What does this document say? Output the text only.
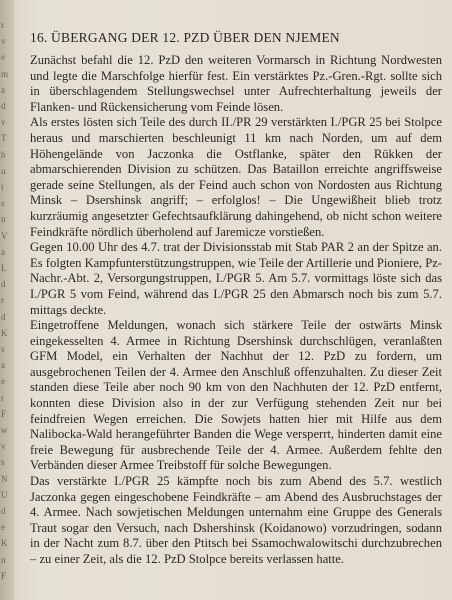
r
v
e
m
a
d
v
T
b
u
i
s
n
V
a
L
d
r
d
K
s
a
e
r
F
w
v
s
N
U
d
e
K
n
F
16. ÜBERGANG DER 12. PZD ÜBER DEN NJEMEN

Zunächst befahl die 12. PzD den weiteren Vormarsch in Richtung Nordwesten und legte die Marschfolge hierfür fest. Ein verstärktes Pz.-Gren.-Rgt. sollte sich in überschlagendem Stellungswechsel unter Aufrechterhaltung jeweils der Flanken- und Rückensicherung vom Feinde lösen.

Als erstes lösten sich Teile des durch II./PR 29 verstärkten I./PGR 25 bei Stolpce heraus und marschierten beschleunigt 11 km nach Norden, um auf dem Höhengelände von Jaczonka die Ostflanke, später den Rükken der abmarschierenden Division zu schützen. Das Bataillon erreichte angriffsweise gerade seine Stellungen, als der Feind auch schon von Nordosten aus Richtung Minsk – Dsershinsk angriff; – erfolglos! – Die Ungewißheit blieb trotz kurzräumig angesetzter Gefechtsaufklärung dahingehend, ob nicht schon weitere Feindkräfte nördlich überholend auf Jaremicze vorstießen.

Gegen 10.00 Uhr des 4.7. trat der Divisionsstab mit Stab PAR 2 an der Spitze an. Es folgten Kampfunterstützungstruppen, wie Teile der Artillerie und Pioniere, Pz-Nachr.-Abt. 2, Versorgungstruppen, I./PGR 5. Am 5.7. vormittags löste sich das I./PGR 5 vom Feind, während das I./PGR 25 den Abmarsch noch bis zum 5.7. mittags deckte.

Eingetroffene Meldungen, wonach sich stärkere Teile der ostwärts Minsk eingekesselten 4. Armee in Richtung Dsershinsk durchschlügen, veranlaßten GFM Model, ein Verhalten der Nachhut der 12. PzD zu fordern, um ausgebrochenen Teilen der 4. Armee den Anschluß offenzuhalten. Zu dieser Zeit standen diese Teile aber noch 90 km von den Nachhuten der 12. PzD entfernt, konnten diese Division also in der zur Verfügung stehenden Zeit nur bei feindfreien Wegen erreichen. Die Sowjets hatten hier mit Hilfe aus dem Nalibocka-Wald herangeführter Banden die Wege versperrt, hinderten damit eine freie Bewegung für ausbrechende Teile der 4. Armee. Außerdem fehlte den Verbänden dieser Armee Treibstoff für solche Bewegungen.

Das verstärkte I./PGR 25 kämpfte noch bis zum Abend des 5.7. westlich Jaczonka gegen eingeschobene Feindkräfte – am Abend des Ausbruchstages der 4. Armee. Nach sowjetischen Meldungen unternahm eine Gruppe des Generals Traut sogar den Versuch, nach Dshershinsk (Koidanowo) vorzudringen, sodann in der Nacht zum 8.7. über den Ptitsch bei Ssamochwalowitschi durchzubrechen – zu einer Zeit, als die 12. PzD Stolpce bereits verlassen hatte.
